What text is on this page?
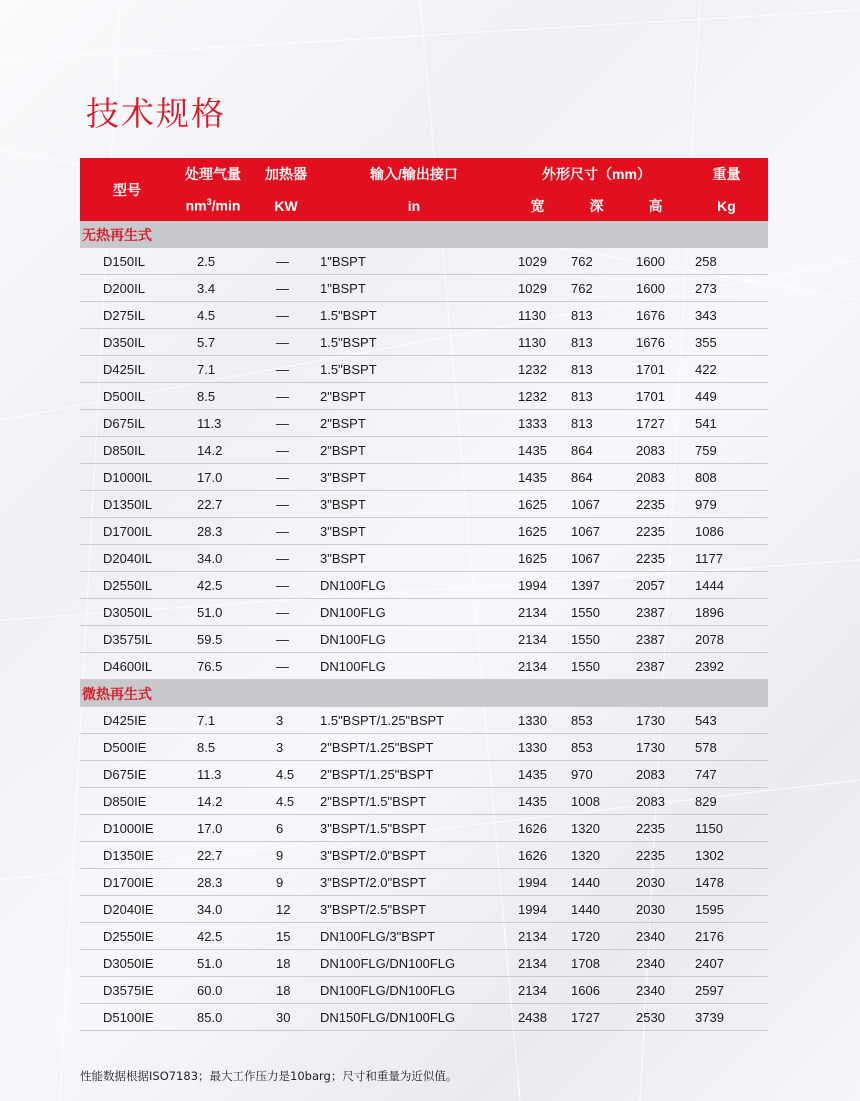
技术规格
型号	处理气量	加热器	输入/输出接口	外形尺寸（mm）			重量
	$nm^3/\min$	KW	in	宽	深	高	Kg
无热再生式							
D150IL	2.5	—	1"BSPT	1029	762	1600	258
D200IL	3.4	—	1"BSPT	1029	762	1600	273
D275IL	4.5	—	1.5"BSPT	1130	813	1676	343
D350IL	5.7	—	1.5"BSPT	1130	813	1676	355
D425IL	7.1	—	1.5"BSPT	1232	813	1701	422
D500IL	8.5	—	2"BSPT	1232	813	1701	449
D675IL	11.3	—	2"BSPT	1333	813	1727	541
D850IL	14.2	—	2"BSPT	1435	864	2083	759
D1000IL	17.0	—	3"BSPT	1435	864	2083	808
D1350IL	22.7	—	3"BSPT	1625	1067	2235	979
D1700IL	28.3	—	3"BSPT	1625	1067	2235	1086
D2040IL	34.0	—	3"BSPT	1625	1067	2235	1177
D2550IL	42.5	—	DN100FLG	1994	1397	2057	1444
D3050IL	51.0	—	DN100FLG	2134	1550	2387	1896
D3575IL	59.5	—	DN100FLG	2134	1550	2387	2078
D4600IL	76.5	—	DN100FLG	2134	1550	2387	2392
微热再生式							
D425IE	7.1	3	1.5"BSPT/1.25"BSPT	1330	853	1730	543
D500IE	8.5	3	2"BSPT/1.25"BSPT	1330	853	1730	578
D675IE	11.3	4.5	2"BSPT/1.25"BSPT	1435	970	2083	747
D850IE	14.2	4.5	2"BSPT/1.5"BSPT	1435	1008	2083	829
D1000IE	17.0	6	3"BSPT/1.5"BSPT	1626	1320	2235	1150
D1350IE	22.7	9	3"BSPT/2.0"BSPT	1626	1320	2235	1302
D1700IE	28.3	9	3"BSPT/2.0"BSPT	1994	1440	2030	1478
D2040IE	34.0	12	3"BSPT/2.5"BSPT	1994	1440	2030	1595
D2550IE	42.5	15	DN100FLG/3"BSPT	2134	1720	2340	2176
D3050IE	51.0	18	DN100FLG/DN100FLG	2134	1708	2340	2407
D3575IE	60.0	18	DN100FLG/DN100FLG	2134	1606	2340	2597
D5100IE	85.0	30	DN150FLG/DN100FLG	2438	1727	2530	3739

性能数据根据ISO7183；最大工作压力是10barg；尺寸和重量为近似值。
